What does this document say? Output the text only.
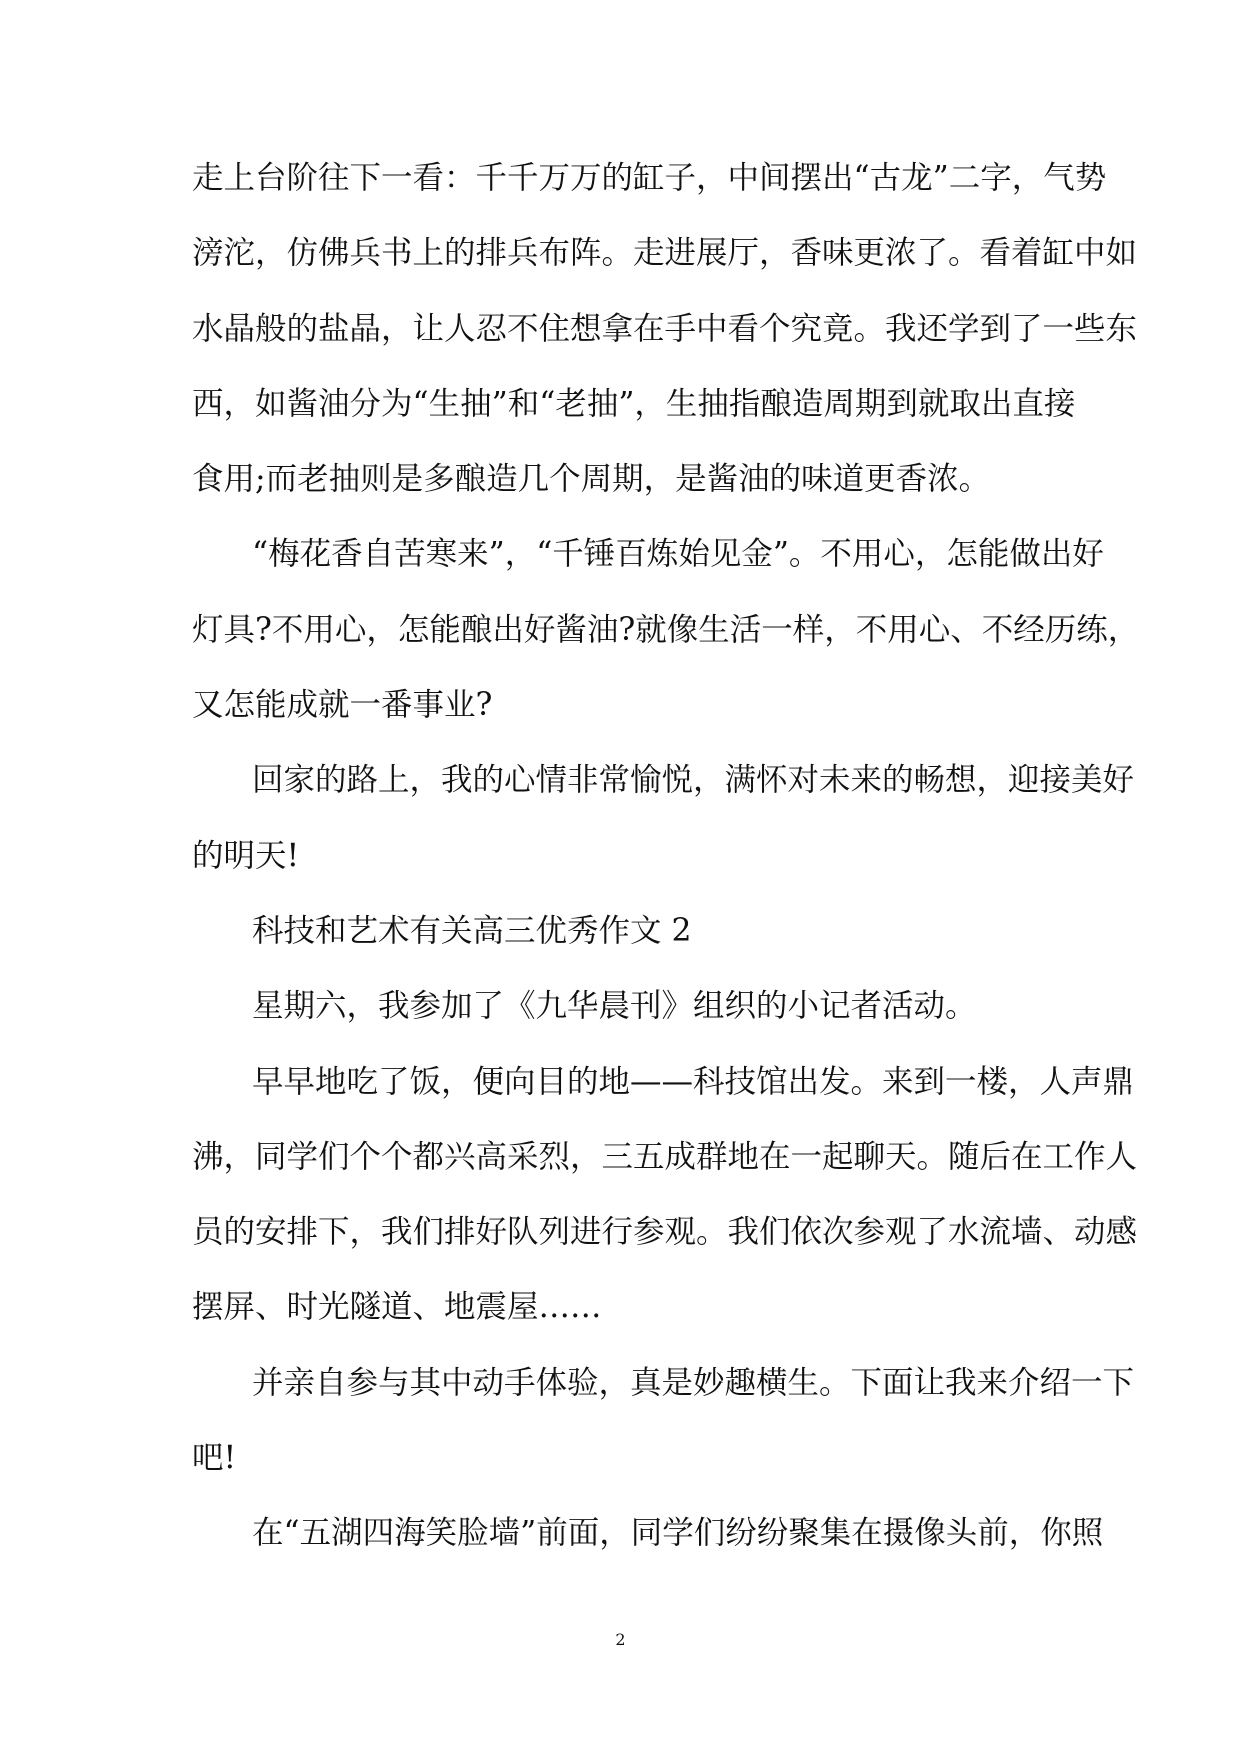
走上台阶往下一看：千千万万的缸子，中间摆出“古龙”二字，气势
滂沱，仿佛兵书上的排兵布阵。走进展厅，香味更浓了。看着缸中如
水晶般的盐晶，让人忍不住想拿在手中看个究竟。我还学到了一些东
西，如酱油分为“生抽”和“老抽”，生抽指酿造周期到就取出直接
食用;而老抽则是多酿造几个周期，是酱油的味道更香浓。
“梅花香自苦寒来”，“千锤百炼始见金”。不用心，怎能做出好
灯具?不用心，怎能酿出好酱油?就像生活一样，不用心、不经历练，
又怎能成就一番事业?
回家的路上，我的心情非常愉悦，满怀对未来的畅想，迎接美好
的明天!
科技和艺术有关高三优秀作文 2
星期六，我参加了《九华晨刊》组织的小记者活动。
早早地吃了饭，便向目的地——科技馆出发。来到一楼，人声鼎
沸，同学们个个都兴高采烈，三五成群地在一起聊天。随后在工作人
员的安排下，我们排好队列进行参观。我们依次参观了水流墙、动感
摆屏、时光隧道、地震屋……
并亲自参与其中动手体验，真是妙趣横生。下面让我来介绍一下
吧!
在“五湖四海笑脸墙”前面，同学们纷纷聚集在摄像头前，你照
2
